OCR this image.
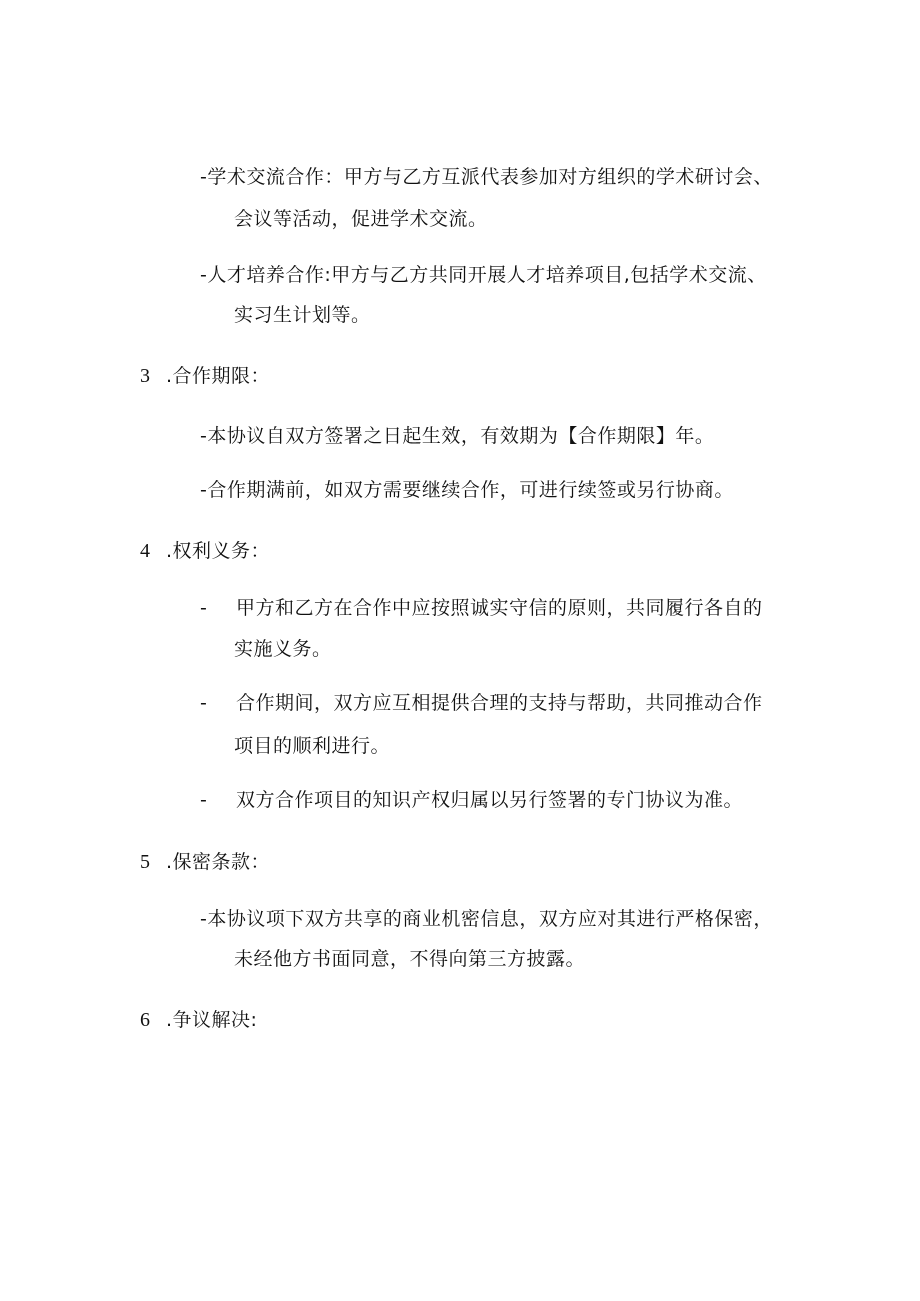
-学术交流合作：甲方与乙方互派代表参加对方组织的学术研讨会、
会议等活动，促进学术交流。
-人才培养合作:甲方与乙方共同开展人才培养项目,包括学术交流、
实习生计划等。
3 .合作期限：
-本协议自双方签署之日起生效，有效期为【合作期限】年。
-合作期满前，如双方需要继续合作，可进行续签或另行协商。
4 .权利义务：
- 甲方和乙方在合作中应按照诚实守信的原则，共同履行各自的
实施义务。
- 合作期间，双方应互相提供合理的支持与帮助，共同推动合作
项目的顺利进行。
- 双方合作项目的知识产权归属以另行签署的专门协议为准。
5 .保密条款：
-本协议项下双方共享的商业机密信息，双方应对其进行严格保密，
未经他方书面同意，不得向第三方披露。
6 .争议解决:
